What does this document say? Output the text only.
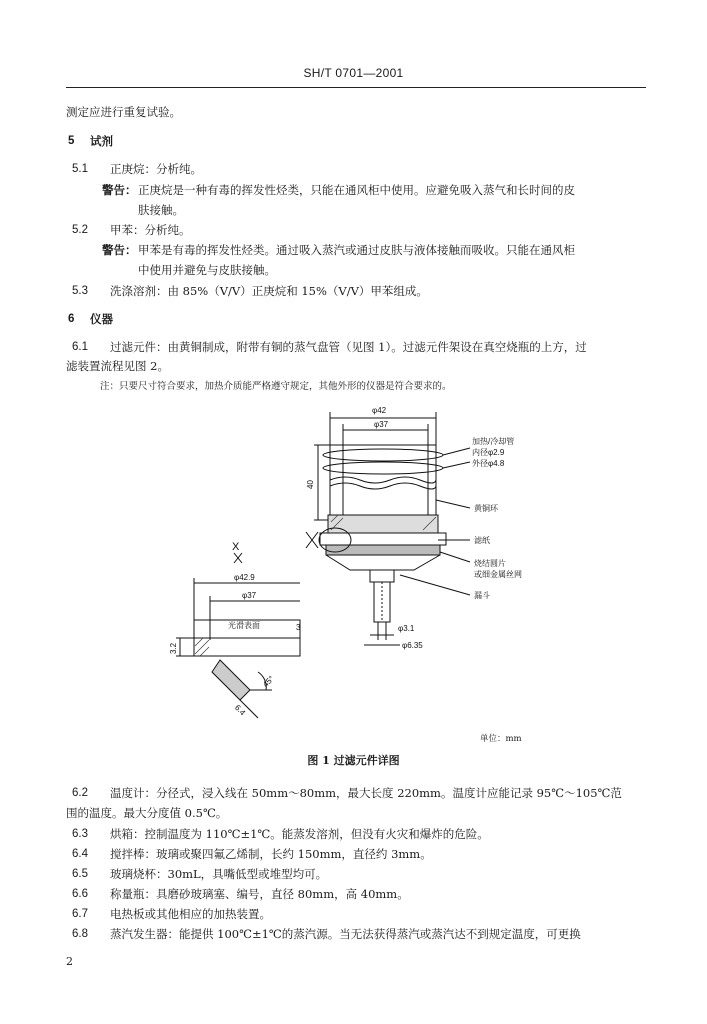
SH/T 0701—2001
测定应进行重复试验。
5 试剂
5.1 正庚烷：分析纯。
警告： 正庚烷是一种有毒的挥发性烃类，只能在通风柜中使用。应避免吸入蒸气和长时间的皮
肤接触。
5.2 甲苯：分析纯。
警告： 甲苯是有毒的挥发性烃类。通过吸入蒸汽或通过皮肤与液体接触而吸收。只能在通风柜
中使用并避免与皮肤接触。
5.3 洗涤溶剂：由 85%（V/V）正庚烷和 15%（V/V）甲苯组成。
6 仪器
6.1 过滤元件：由黄铜制成，附带有铜的蒸气盘管（见图 1）。过滤元件架设在真空烧瓶的上方，过
滤装置流程见图 2。
注：只要尺寸符合要求，加热介质能严格遵守规定，其他外形的仪器是符合要求的。
φ42
φ37
加热/冷却管
内径φ2.9
外径φ4.8
40
黄铜环
滤纸
烧结圆片
或细金属丝网
漏斗
φ3.1
φ6.35
X
φ42.9
φ37
光滑表面	3
3.2
45°
6.4
单位：mm
图 1 过滤元件详图
6.2 温度计：分径式，浸入线在 50mm～80mm，最大长度 220mm。温度计应能记录 95℃～105℃范
围的温度。最大分度值 0.5℃。
6.3 烘箱：控制温度为 110℃±1℃。能蒸发溶剂，但没有火灾和爆炸的危险。
6.4 搅拌棒：玻璃或聚四氟乙烯制，长约 150mm，直径约 3mm。
6.5 玻璃烧杯：30mL，具嘴低型或堆型均可。
6.6 称量瓶：具磨砂玻璃塞、编号，直径 80mm，高 40mm。
6.7 电热板或其他相应的加热装置。
6.8 蒸汽发生器：能提供 100℃±1℃的蒸汽源。当无法获得蒸汽或蒸汽达不到规定温度，可更换
2
